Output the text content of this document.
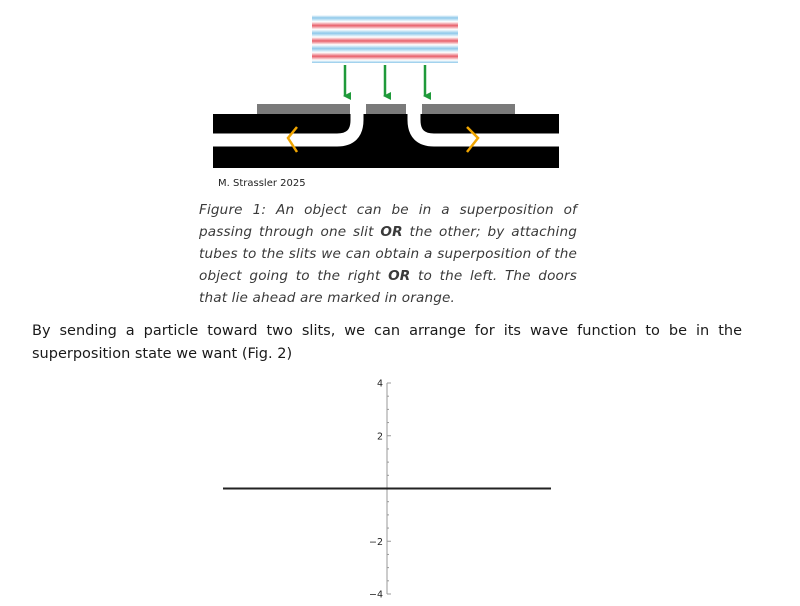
M. Strassler 2025
Figure 1: An object can be in a superposition of passing through one slit OR the other; by attaching tubes to the slits we can obtain a superposition of the object going to the right OR to the left. The doors that lie ahead are marked in orange.
By sending a particle toward two slits, we can arrange for its wave function to be in the superposition state we want (Fig. 2)
4
2
−2
−4
